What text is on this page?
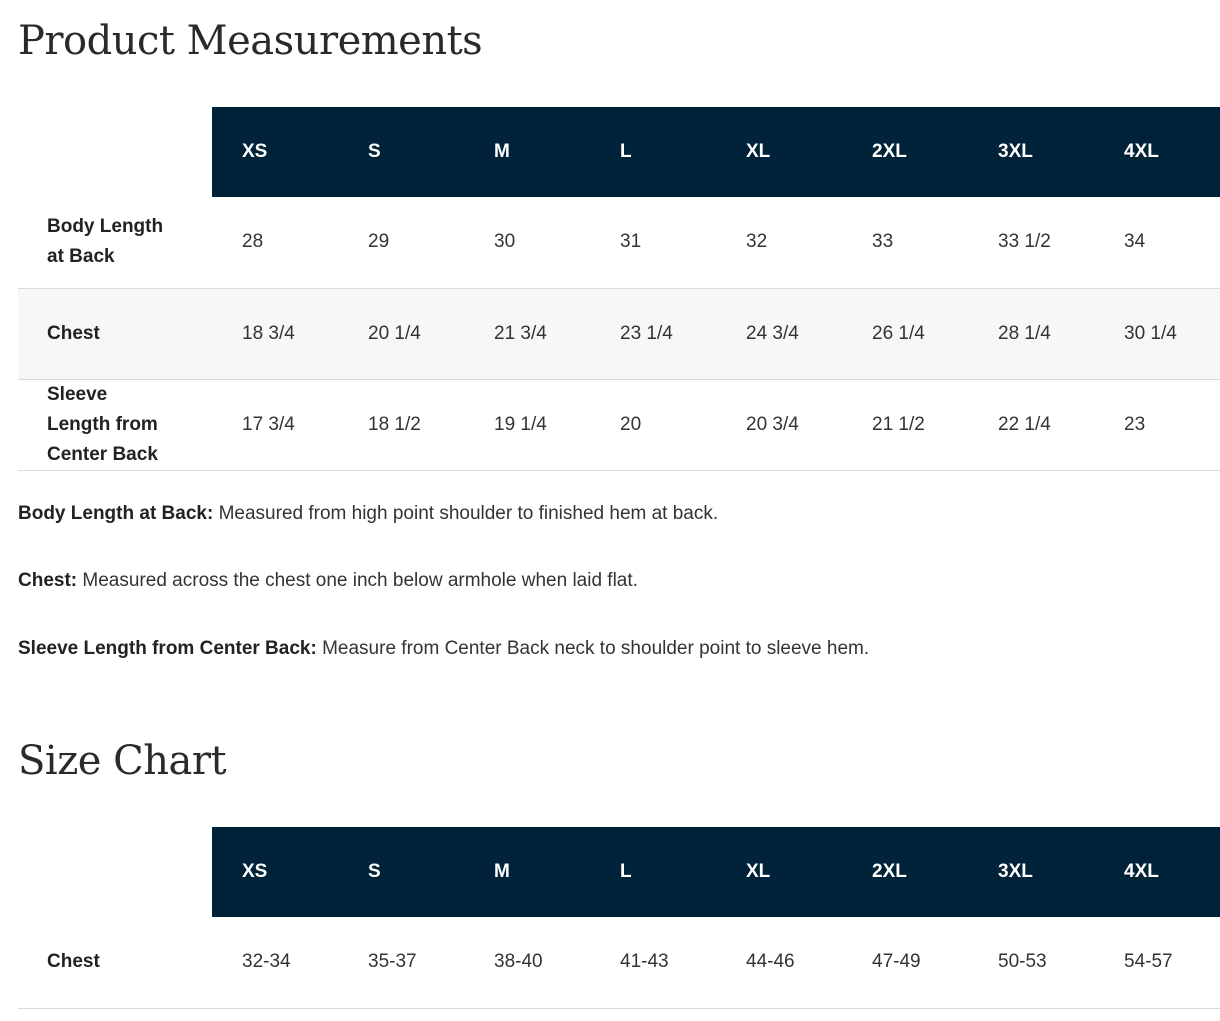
Product Measurements
	XS	S	M	L	XL	2XL	3XL	4XL
Body Length
at Back	28	29	30	31	32	33	33 1/2	34
Chest	18 3/4	20 1/4	21 3/4	23 1/4	24 3/4	26 1/4	28 1/4	30 1/4
Sleeve
Length from
Center Back	17 3/4	18 1/2	19 1/4	20	20 3/4	21 1/2	22 1/4	23

Body Length at Back: Measured from high point shoulder to finished hem at back.

Chest: Measured across the chest one inch below armhole when laid flat.

Sleeve Length from Center Back: Measure from Center Back neck to shoulder point to sleeve hem.

Size Chart
	XS	S	M	L	XL	2XL	3XL	4XL
Chest	32-34	35-37	38-40	41-43	44-46	47-49	50-53	54-57
